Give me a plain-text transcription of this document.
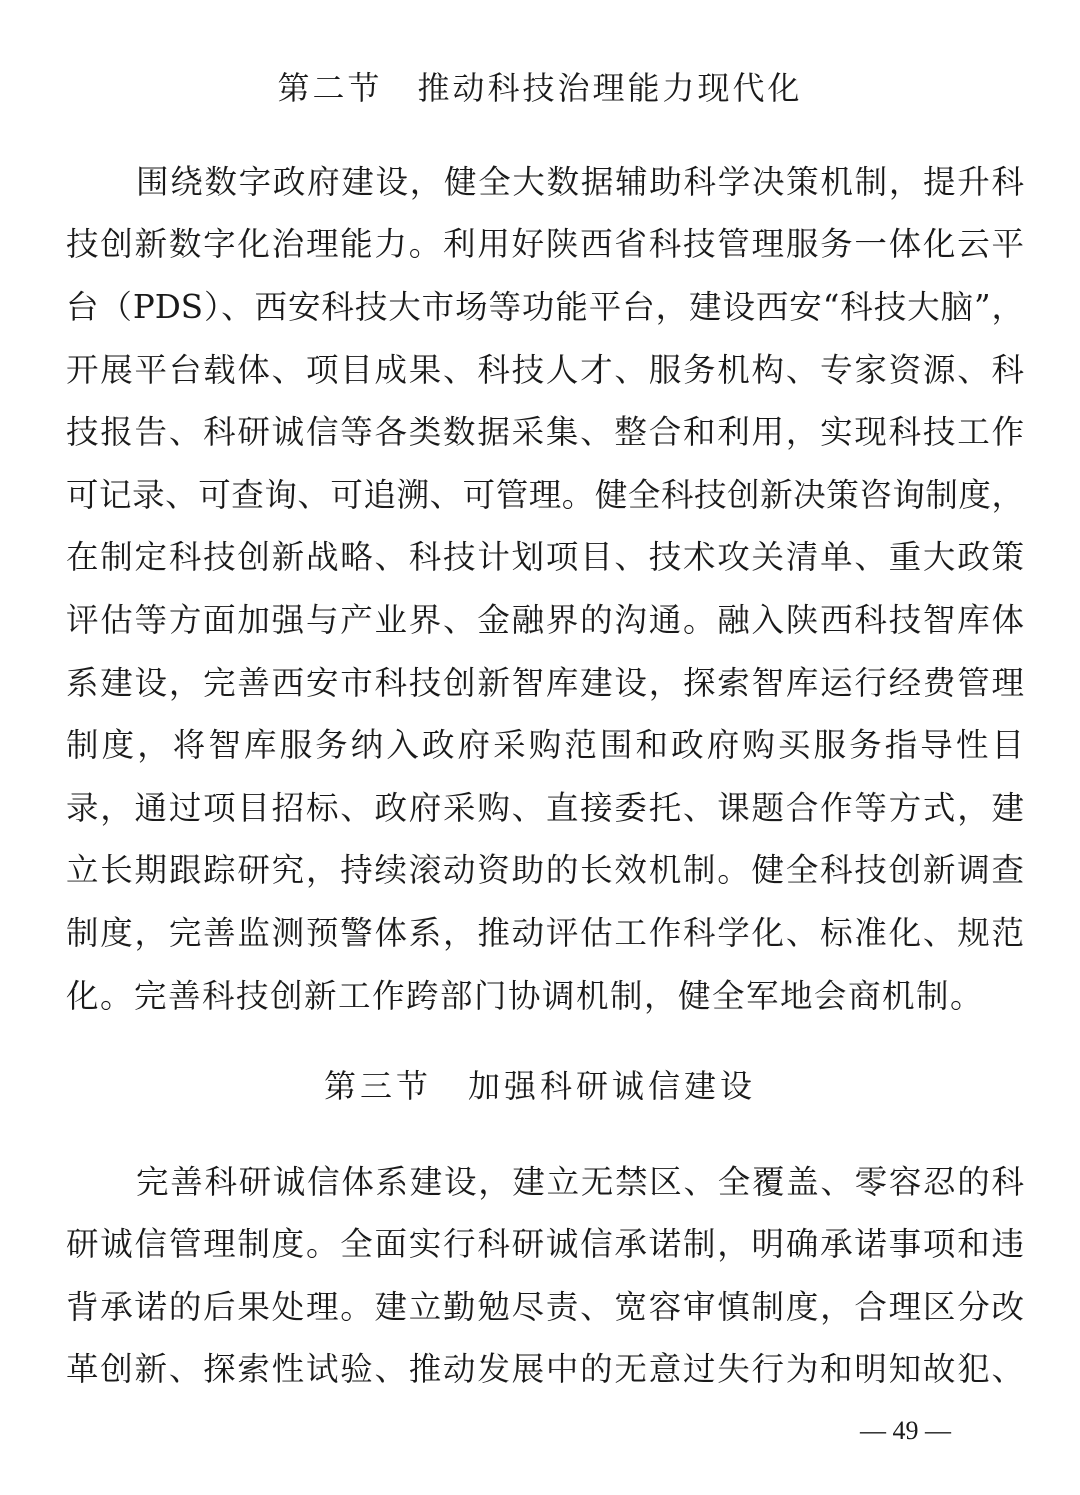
第二节　推动科技治理能力现代化
围绕数字政府建设，健全大数据辅助科学决策机制，提升科
技创新数字化治理能力。利用好陕西省科技管理服务一体化云平
台（PDS）、西安科技大市场等功能平台，建设西安“科技大脑”，
开展平台载体、项目成果、科技人才、服务机构、专家资源、科
技报告、科研诚信等各类数据采集、整合和利用，实现科技工作
可记录、可查询、可追溯、可管理。健全科技创新决策咨询制度，
在制定科技创新战略、科技计划项目、技术攻关清单、重大政策
评估等方面加强与产业界、金融界的沟通。融入陕西科技智库体
系建设，完善西安市科技创新智库建设，探索智库运行经费管理
制度，将智库服务纳入政府采购范围和政府购买服务指导性目
录，通过项目招标、政府采购、直接委托、课题合作等方式，建
立长期跟踪研究，持续滚动资助的长效机制。健全科技创新调查
制度，完善监测预警体系，推动评估工作科学化、标准化、规范
化。完善科技创新工作跨部门协调机制，健全军地会商机制。
第三节　加强科研诚信建设
完善科研诚信体系建设，建立无禁区、全覆盖、零容忍的科
研诚信管理制度。全面实行科研诚信承诺制，明确承诺事项和违
背承诺的后果处理。建立勤勉尽责、宽容审慎制度，合理区分改
革创新、探索性试验、推动发展中的无意过失行为和明知故犯、
— 49 —
